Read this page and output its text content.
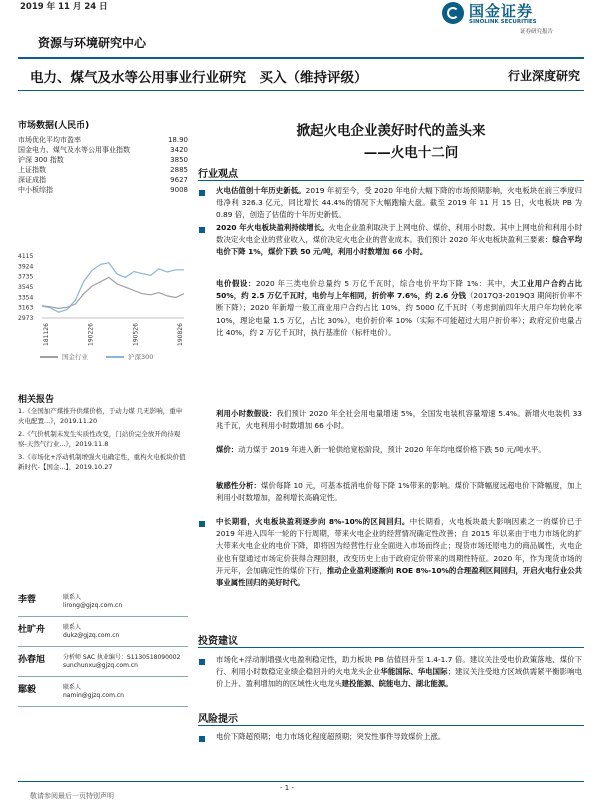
2019 年 11 月 24 日	国金证券
SINOLINK SECURITIES
证券研究报告
资源与环境研究中心
电力、煤气及水等公用事业行业研究　买入（维持评级）	行业深度研究
市场数据(人民币)
市场优化平均市盈率	18.90
国金电力、煤气及水等公用事业指数	3420
沪深 300 指数	3850
上证指数	2885
深证成指	9627
中小板综指	9008
4115
3924
3735
3545
3354
3163
2973
181126	190226	190526	190826
国金行业	沪深300
相关报告
1.《全国加产煤推升供煤价格，于动力煤 几无影响，重申火电配置...》，2019.11.20
2.《气价机制未发生实质性改变，门站价完全放开尚待观察-天然气行业...》，2019.11.8
3.《市场化+浮动机制增强火电确定性，重构火电板块价值新时代-【国金...】，2019.10.27
李蓉	联系人
lirong@gjzq.com.cn
杜旷舟	联系人
dukz@gjzq.com.cn
孙春旭	分析师 SAC 执业编号：S1130518090002
sunchunxu@gjzq.com.cn
鄢毅	联系人
namin@gjzq.com.cn
掀起火电企业羡好时代的盖头来
——火电十二问
行业观点
火电估值创十年历史新低。2019 年初至今，受 2020 年电价大幅下降的市场预期影响，火电板块在前三季度归母净利 326.3 亿元，同比增长 44.4%的情况下大幅跑输大盘。截至 2019 年 11 月 15 日，火电板块 PB 为 0.89 倍，创造了估值的十年历史新低。
2020 年火电板块盈利持续增长。火电企业盈利取决于上网电价、煤价、利用小时数。其中上网电价和利用小时数决定火电企业的营业收入，煤价决定火电企业的营业成本。我们预计 2020 年火电板块盈利三要素：综合平均电价下降 1%，煤价下跌 50 元/吨，利用小时数增加 66 小时。
电价假设：2020 年三类电价总量约 5 万亿千瓦时，综合电价平均下降 1%：其中，大工业用户合约占比 50%，约 2.5 万亿千瓦时，电价与上年相同，折价率 7.6%，约 2.6 分钱（2017Q3-2019Q3 期间折价率不断下降）；2020 年新增一般工商业用户合约占比 10%，约 5000 亿千瓦时（考虑到前四年大用户年均转化率 10%，理论电量 1.5 万亿，占比 30%），电价折价率 10%（实际不可能超过大用户折价率）；政府定价电量占比 40%，约 2 万亿千瓦时，执行基准价（标杆电价）。
利用小时数假设：我们预计 2020 年全社会用电量增速 5%，全国发电装机容量增速 5.4%。新增火电装机 33 兆千瓦，火电利用小时数增加 66 小时。
煤价：动力煤于 2019 年进入新一轮供给宽松阶段，预计 2020 年年均电煤价格下跌 50 元/吨水平。
敏感性分析：煤价每降 10 元，可基本抵消电价每下降 1%带来的影响。煤价下降幅度远超电价下降幅度，加上利用小时数增加，盈利增长高确定性。
中长期看，火电板块盈利逐步向 8%-10%的区间回归。中长期看，火电板块最大影响因素之一的煤价已于 2019 年进入四年一轮的下行周期，带来火电企业的经营情况确定性改善；自 2015 年以来由于电力市场化的扩大带来火电企业的电价下降，即将因为经营性行业全面进入市场而终止；现货市场还原电力的商品属性，火电企业也有望通过市场定价获得合理回报，改变历史上由于政府定价带来的周期性特征。2020 年，作为现货市场的开元年，会加确定性的煤价下行，推动企业盈利逐渐向 ROE 8%-10%的合理盈利区间回归，开启火电行业公共事业属性回归的美好时代。
投资建议
市场化+浮动制增强火电盈利稳定性，助力板块 PB 估值回升至 1.4-1.7 倍。建议关注受电价政策落地、煤价下行、利用小时数稳定业绩企稳回升的火电龙头企业华能国际、华电国际；建议关注受地方区域供需紧平衡影响电价上升、盈利增加的的区域性火电龙头建投能源、皖能电力、湖北能源。
风险提示
电价下降超预期；电力市场化程度超预期；突发性事件导致煤价上涨。
- 1 -
敬请参阅最后一页特别声明
